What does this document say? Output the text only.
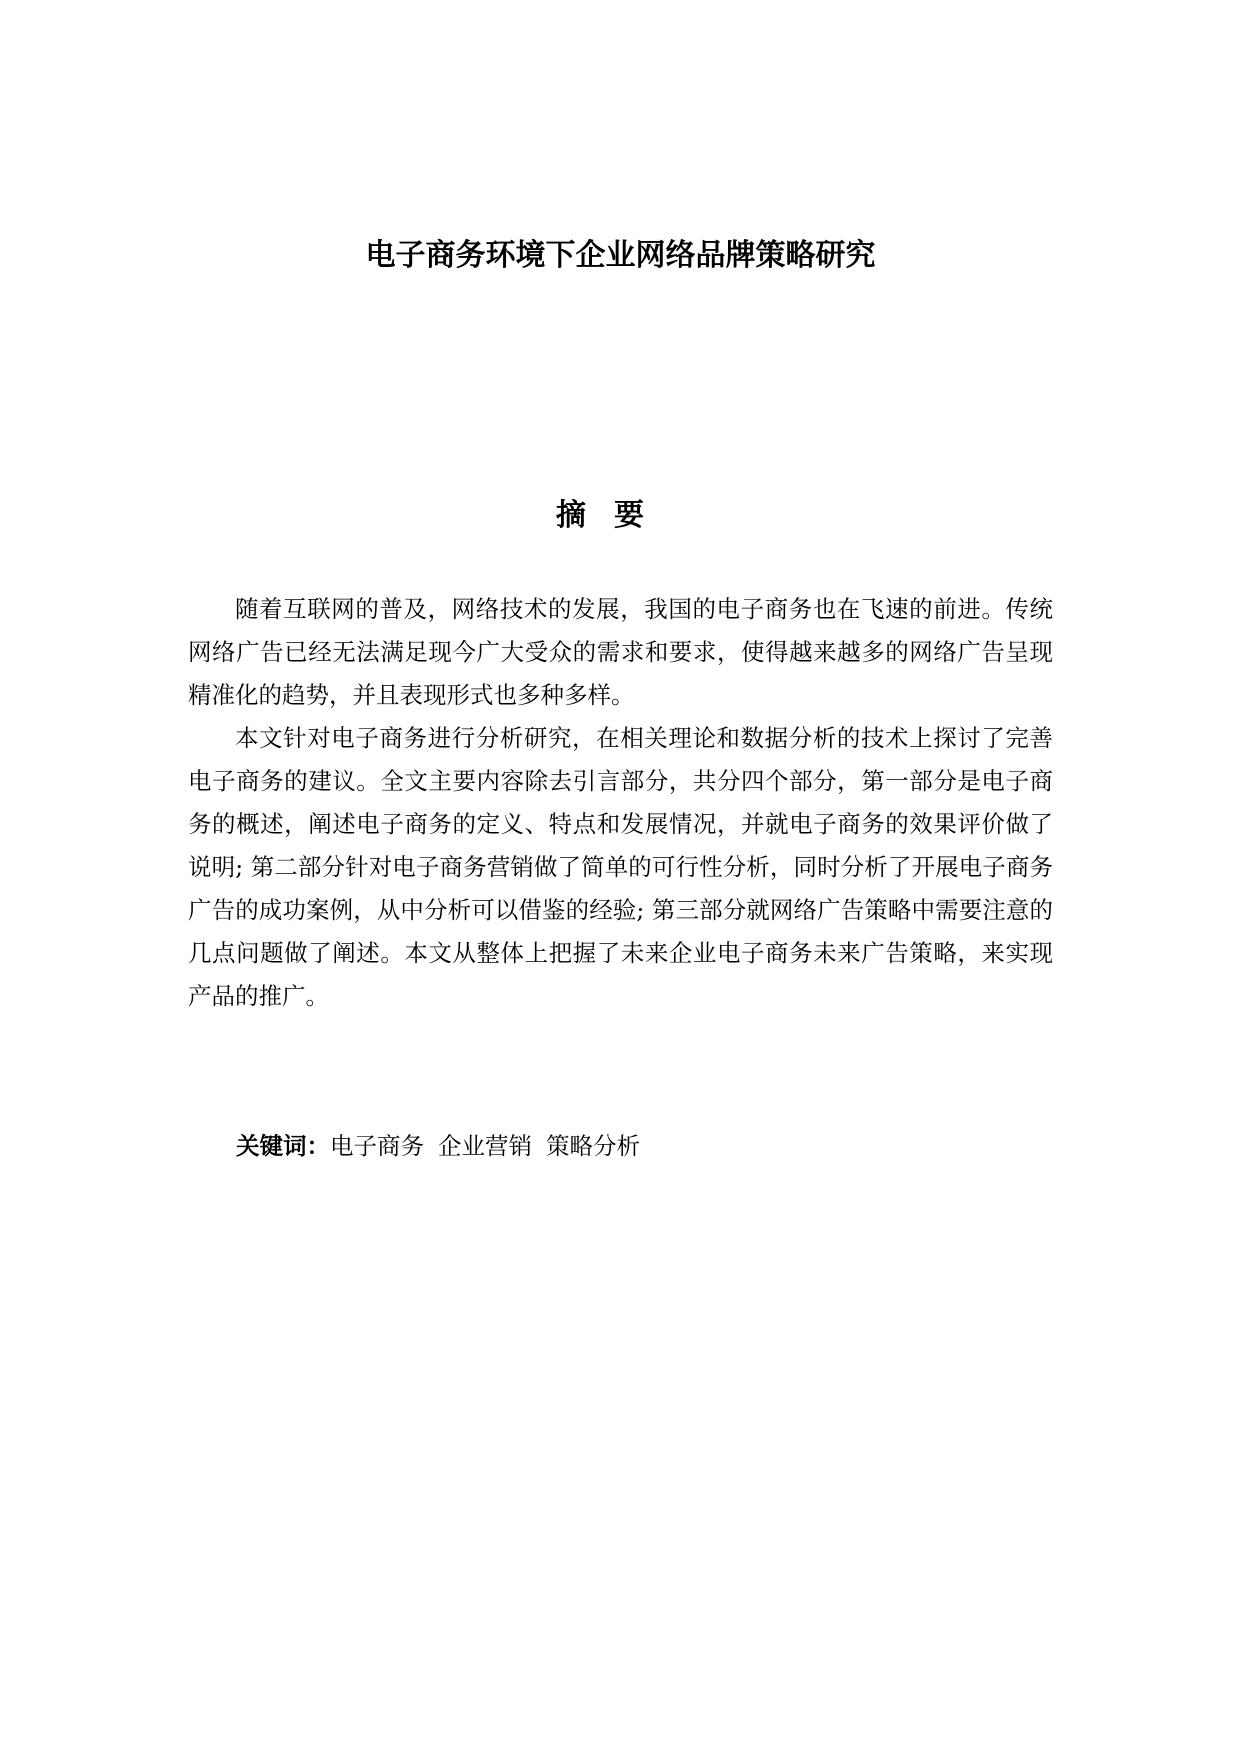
电子商务环境下企业网络品牌策略研究
摘要

随着互联网的普及，网络技术的发展，我国的电子商务也在飞速的前进。传统网络广告已经无法满足现今广大受众的需求和要求，使得越来越多的网络广告呈现精准化的趋势，并且表现形式也多种多样。

本文针对电子商务进行分析研究，在相关理论和数据分析的技术上探讨了完善电子商务的建议。全文主要内容除去引言部分，共分四个部分，第一部分是电子商务的概述，阐述电子商务的定义、特点和发展情况，并就电子商务的效果评价做了说明; 第二部分针对电子商务营销做了简单的可行性分析，同时分析了开展电子商务广告的成功案例，从中分析可以借鉴的经验; 第三部分就网络广告策略中需要注意的几点问题做了阐述。本文从整体上把握了未来企业电子商务未来广告策略，来实现产品的推广。

关键词：电子商务 企业营销 策略分析
